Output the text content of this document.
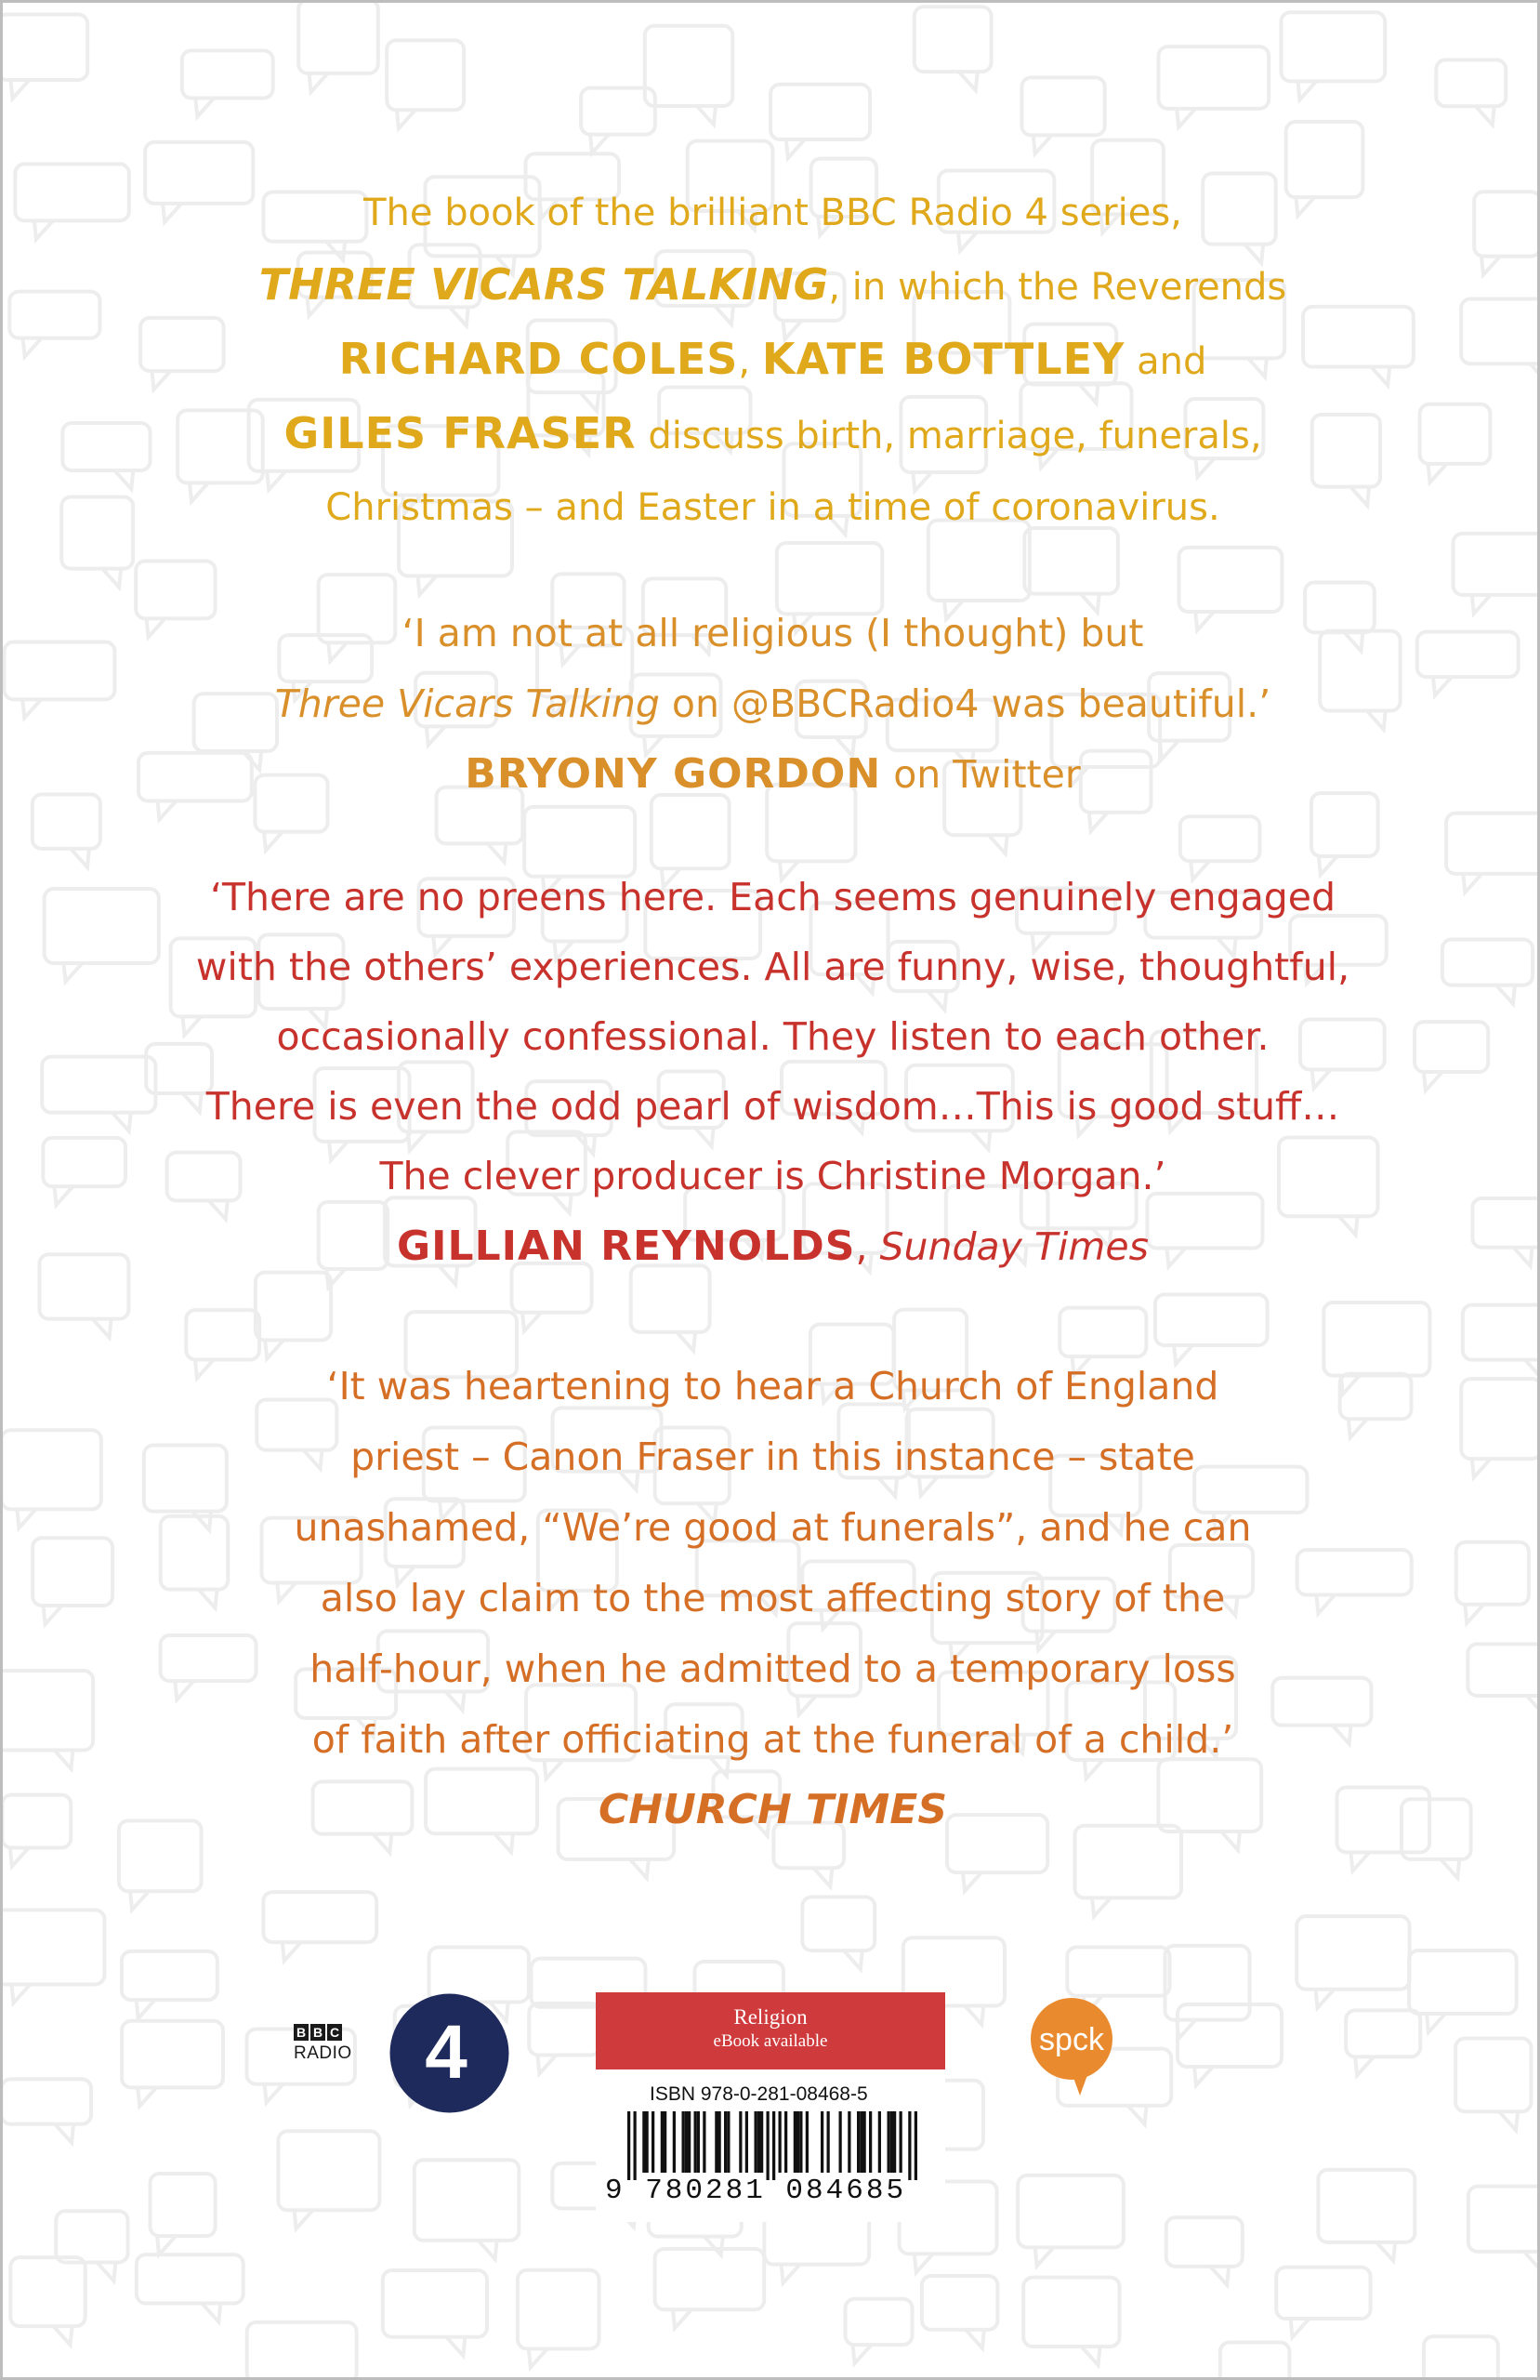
The book of the brilliant BBC Radio 4 series,
THREE VICARS TALKING, in which the Reverends
RICHARD COLES, KATE BOTTLEY and
GILES FRASER discuss birth, marriage, funerals,
Christmas – and Easter in a time of coronavirus.
‘I am not at all religious (I thought) but
Three Vicars Talking on @BBCRadio4 was beautiful.’
BRYONY GORDON on Twitter
‘There are no preens here. Each seems genuinely engaged
with the others’ experiences. All are funny, wise, thoughtful,
occasionally confessional. They listen to each other.
There is even the odd pearl of wisdom…This is good stuff…
The clever producer is Christine Morgan.’
GILLIAN REYNOLDS, Sunday Times
‘It was heartening to hear a Church of England
priest – Canon Fraser in this instance – state
unashamed, “We’re good at funerals”, and he can
also lay claim to the most affecting story of the
half-hour, when he admitted to a temporary loss
of faith after officiating at the funeral of a child.’
CHURCH TIMES
B B C
RADIO 4	Religion
eBook available
ISBN 978-0-281-08468-5
9 780281 084685
spck
